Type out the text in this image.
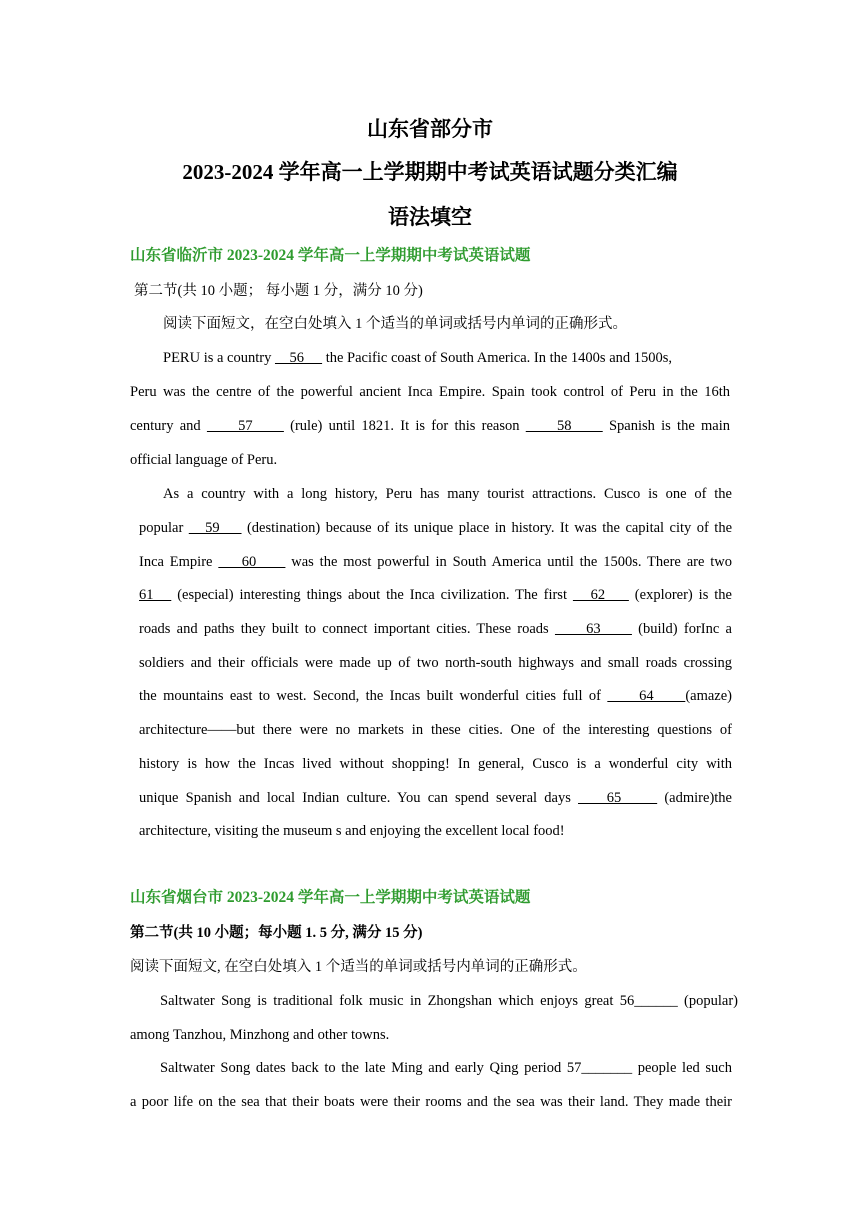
山东省部分市
2023-2024 学年高一上学期期中考试英语试题分类汇编
语法填空
山东省临沂市 2023-2024 学年高一上学期期中考试英语试题
第二节(共 10 小题； 每小题 1 分，满分 10 分)
阅读下面短文，在空白处填入 1 个适当的单词或括号内单词的正确形式。
PERU is a country     56      the Pacific coast of South America. In the 1400s and 1500s,
Peru was the centre of the powerful ancient Inca Empire. Spain took control of Peru in the 16th
century and      57      (rule) until 1821. It is for this reason      58      Spanish is the main
official language of Peru.
As a country with a long history, Peru has many tourist attractions. Cusco is one of the
popular    59     (destination) because of its unique place in history. It was the capital city of the
Inca Empire     60      was the most powerful in South America until the 1500s. There are two
61    (especial) interesting things about the Inca civilization. The first    62     (explorer) is the
roads and paths they built to connect important cities. These roads      63      (build) forInc a
soldiers and their officials were made up of two north-south highways and small roads crossing
the mountains east to west. Second, the Incas built wonderful cities full of      64     (amaze)
architecture——but there were no markets in these cities. One of the interesting questions of
history is how the Incas lived without shopping! In general, Cusco is a wonderful city with
unique Spanish and local Indian culture. You can spend several days     65      (admire)the
architecture, visiting the museum s and enjoying the excellent local food!
山东省烟台市 2023-2024 学年高一上学期期中考试英语试题
第二节(共 10 小题；每小题 1. 5 分, 满分 15 分)
阅读下面短文, 在空白处填入 1 个适当的单词或括号内单词的正确形式。
Saltwater Song is traditional folk music in Zhongshan which enjoys great 56______ (popular)
among Tanzhou, Minzhong and other towns.
Saltwater Song dates back to the late Ming and early Qing period 57_______ people led such
a poor life on the sea that their boats were their rooms and the sea was their land. They made their
